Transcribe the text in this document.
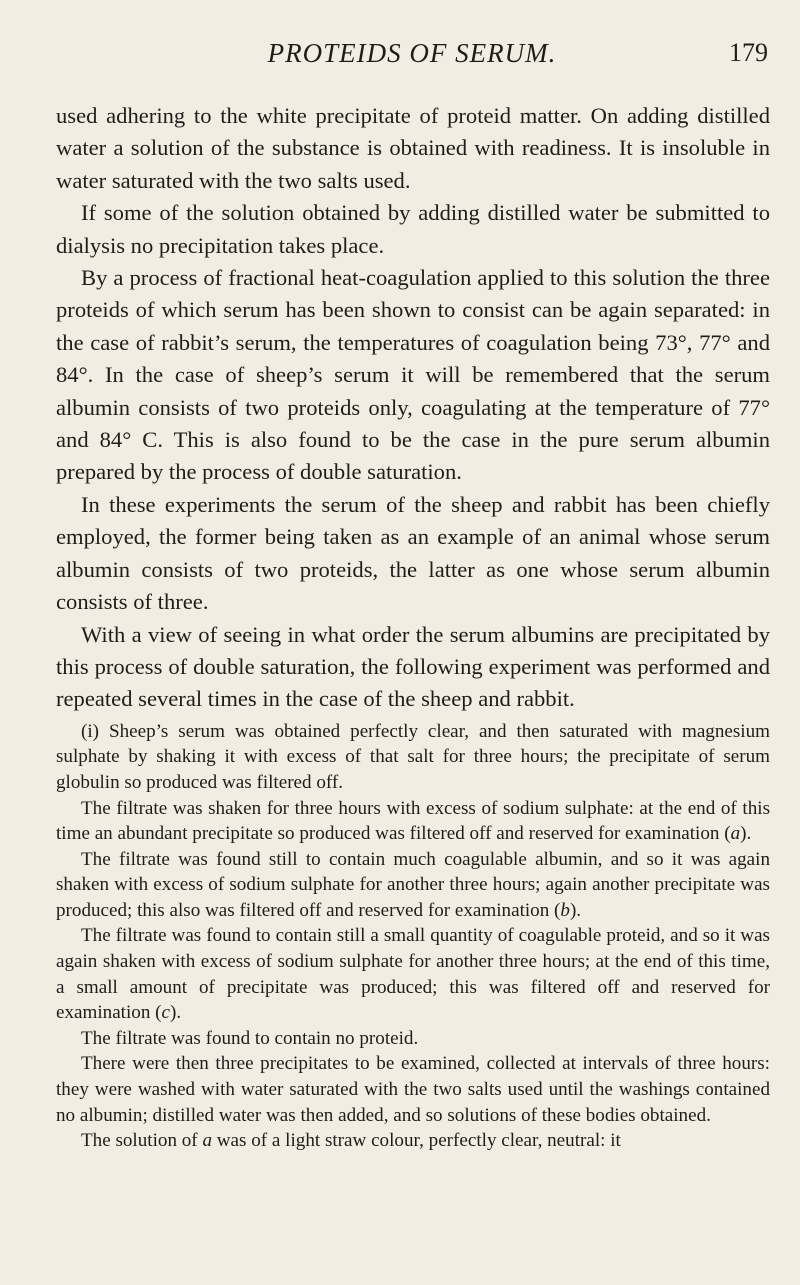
PROTEIDS OF SERUM.	179

used adhering to the white precipitate of proteid matter. On adding distilled water a solution of the substance is obtained with readiness. It is insoluble in water saturated with the two salts used.

If some of the solution obtained by adding distilled water be submitted to dialysis no precipitation takes place.

By a process of fractional heat-coagulation applied to this solution the three proteids of which serum has been shown to consist can be again separated: in the case of rabbit’s serum, the temperatures of coagulation being 73°, 77° and 84°. In the case of sheep’s serum it will be remembered that the serum albumin consists of two proteids only, coagulating at the temperature of 77° and 84° C. This is also found to be the case in the pure serum albumin prepared by the process of double saturation.

In these experiments the serum of the sheep and rabbit has been chiefly employed, the former being taken as an example of an animal whose serum albumin consists of two proteids, the latter as one whose serum albumin consists of three.

With a view of seeing in what order the serum albumins are precipitated by this process of double saturation, the following experiment was performed and repeated several times in the case of the sheep and rabbit.

(i) Sheep’s serum was obtained perfectly clear, and then saturated with magnesium sulphate by shaking it with excess of that salt for three hours; the precipitate of serum globulin so produced was filtered off.

The filtrate was shaken for three hours with excess of sodium sulphate: at the end of this time an abundant precipitate so produced was filtered off and reserved for examination (a).

The filtrate was found still to contain much coagulable albumin, and so it was again shaken with excess of sodium sulphate for another three hours; again another precipitate was produced; this also was filtered off and reserved for examination (b).

The filtrate was found to contain still a small quantity of coagulable proteid, and so it was again shaken with excess of sodium sulphate for another three hours; at the end of this time, a small amount of precipitate was produced; this was filtered off and reserved for examination (c).

The filtrate was found to contain no proteid.

There were then three precipitates to be examined, collected at intervals of three hours: they were washed with water saturated with the two salts used until the washings contained no albumin; distilled water was then added, and so solutions of these bodies obtained.

The solution of a was of a light straw colour, perfectly clear, neutral: it
